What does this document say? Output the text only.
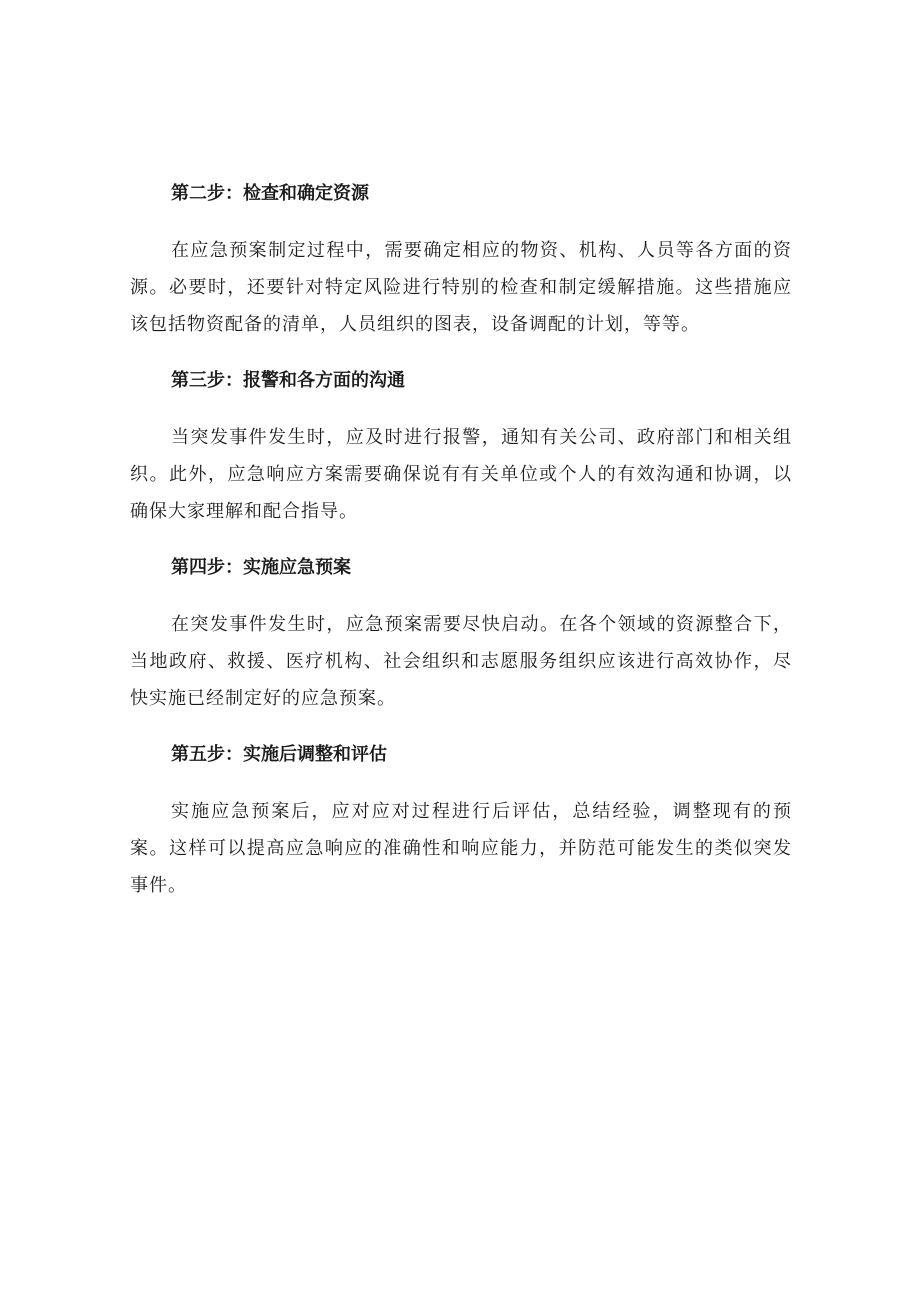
第二步：检查和确定资源

在应急预案制定过程中，需要确定相应的物资、机构、人员等各方面的资源。必要时，还要针对特定风险进行特别的检查和制定缓解措施。这些措施应该包括物资配备的清单，人员组织的图表，设备调配的计划，等等。

第三步：报警和各方面的沟通

当突发事件发生时，应及时进行报警，通知有关公司、政府部门和相关组织。此外，应急响应方案需要确保说有有关单位或个人的有效沟通和协调，以确保大家理解和配合指导。

第四步：实施应急预案

在突发事件发生时，应急预案需要尽快启动。在各个领域的资源整合下，当地政府、救援、医疗机构、社会组织和志愿服务组织应该进行高效协作，尽快实施已经制定好的应急预案。

第五步：实施后调整和评估

实施应急预案后，应对应对过程进行后评估，总结经验，调整现有的预案。这样可以提高应急响应的准确性和响应能力，并防范可能发生的类似突发事件。
